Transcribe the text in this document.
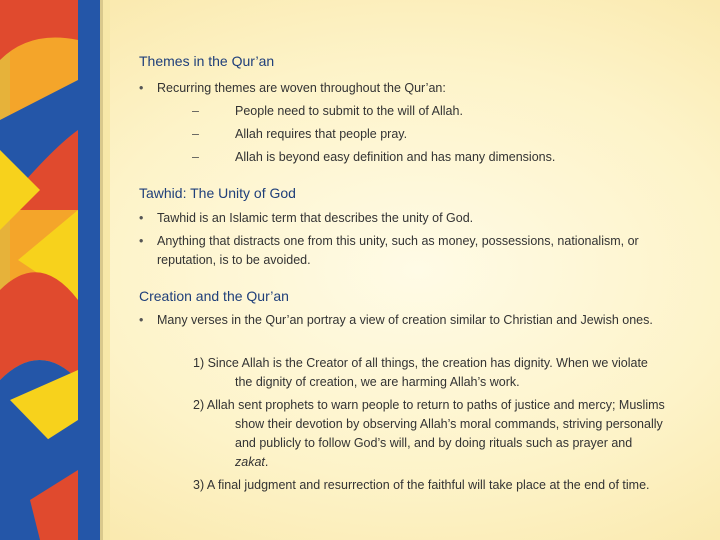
Themes in the Qur’an
•	Recurring themes are woven throughout the Qur’an:
–	People need to submit to the will of Allah.
–	Allah requires that people pray.
–	Allah is beyond easy definition and has many dimensions.
Tawhid: The Unity of God
•	Tawhid is an Islamic term that describes the unity of God.
•	Anything that distracts one from this unity, such as money, possessions, nationalism, or reputation, is to be avoided.
Creation and the Qur’an
•	Many verses in the Qur’an portray a view of creation similar to Christian and Jewish ones.
1) Since Allah is the Creator of all things, the creation has dignity. When we violate the dignity of creation, we are harming Allah’s work.
2) Allah sent prophets to warn people to return to paths of justice and mercy; Muslims show their devotion by observing Allah’s moral commands, striving personally and publicly to follow God’s will, and by doing rituals such as prayer and zakat.
3) A final judgment and resurrection of the faithful will take place at the end of time.
